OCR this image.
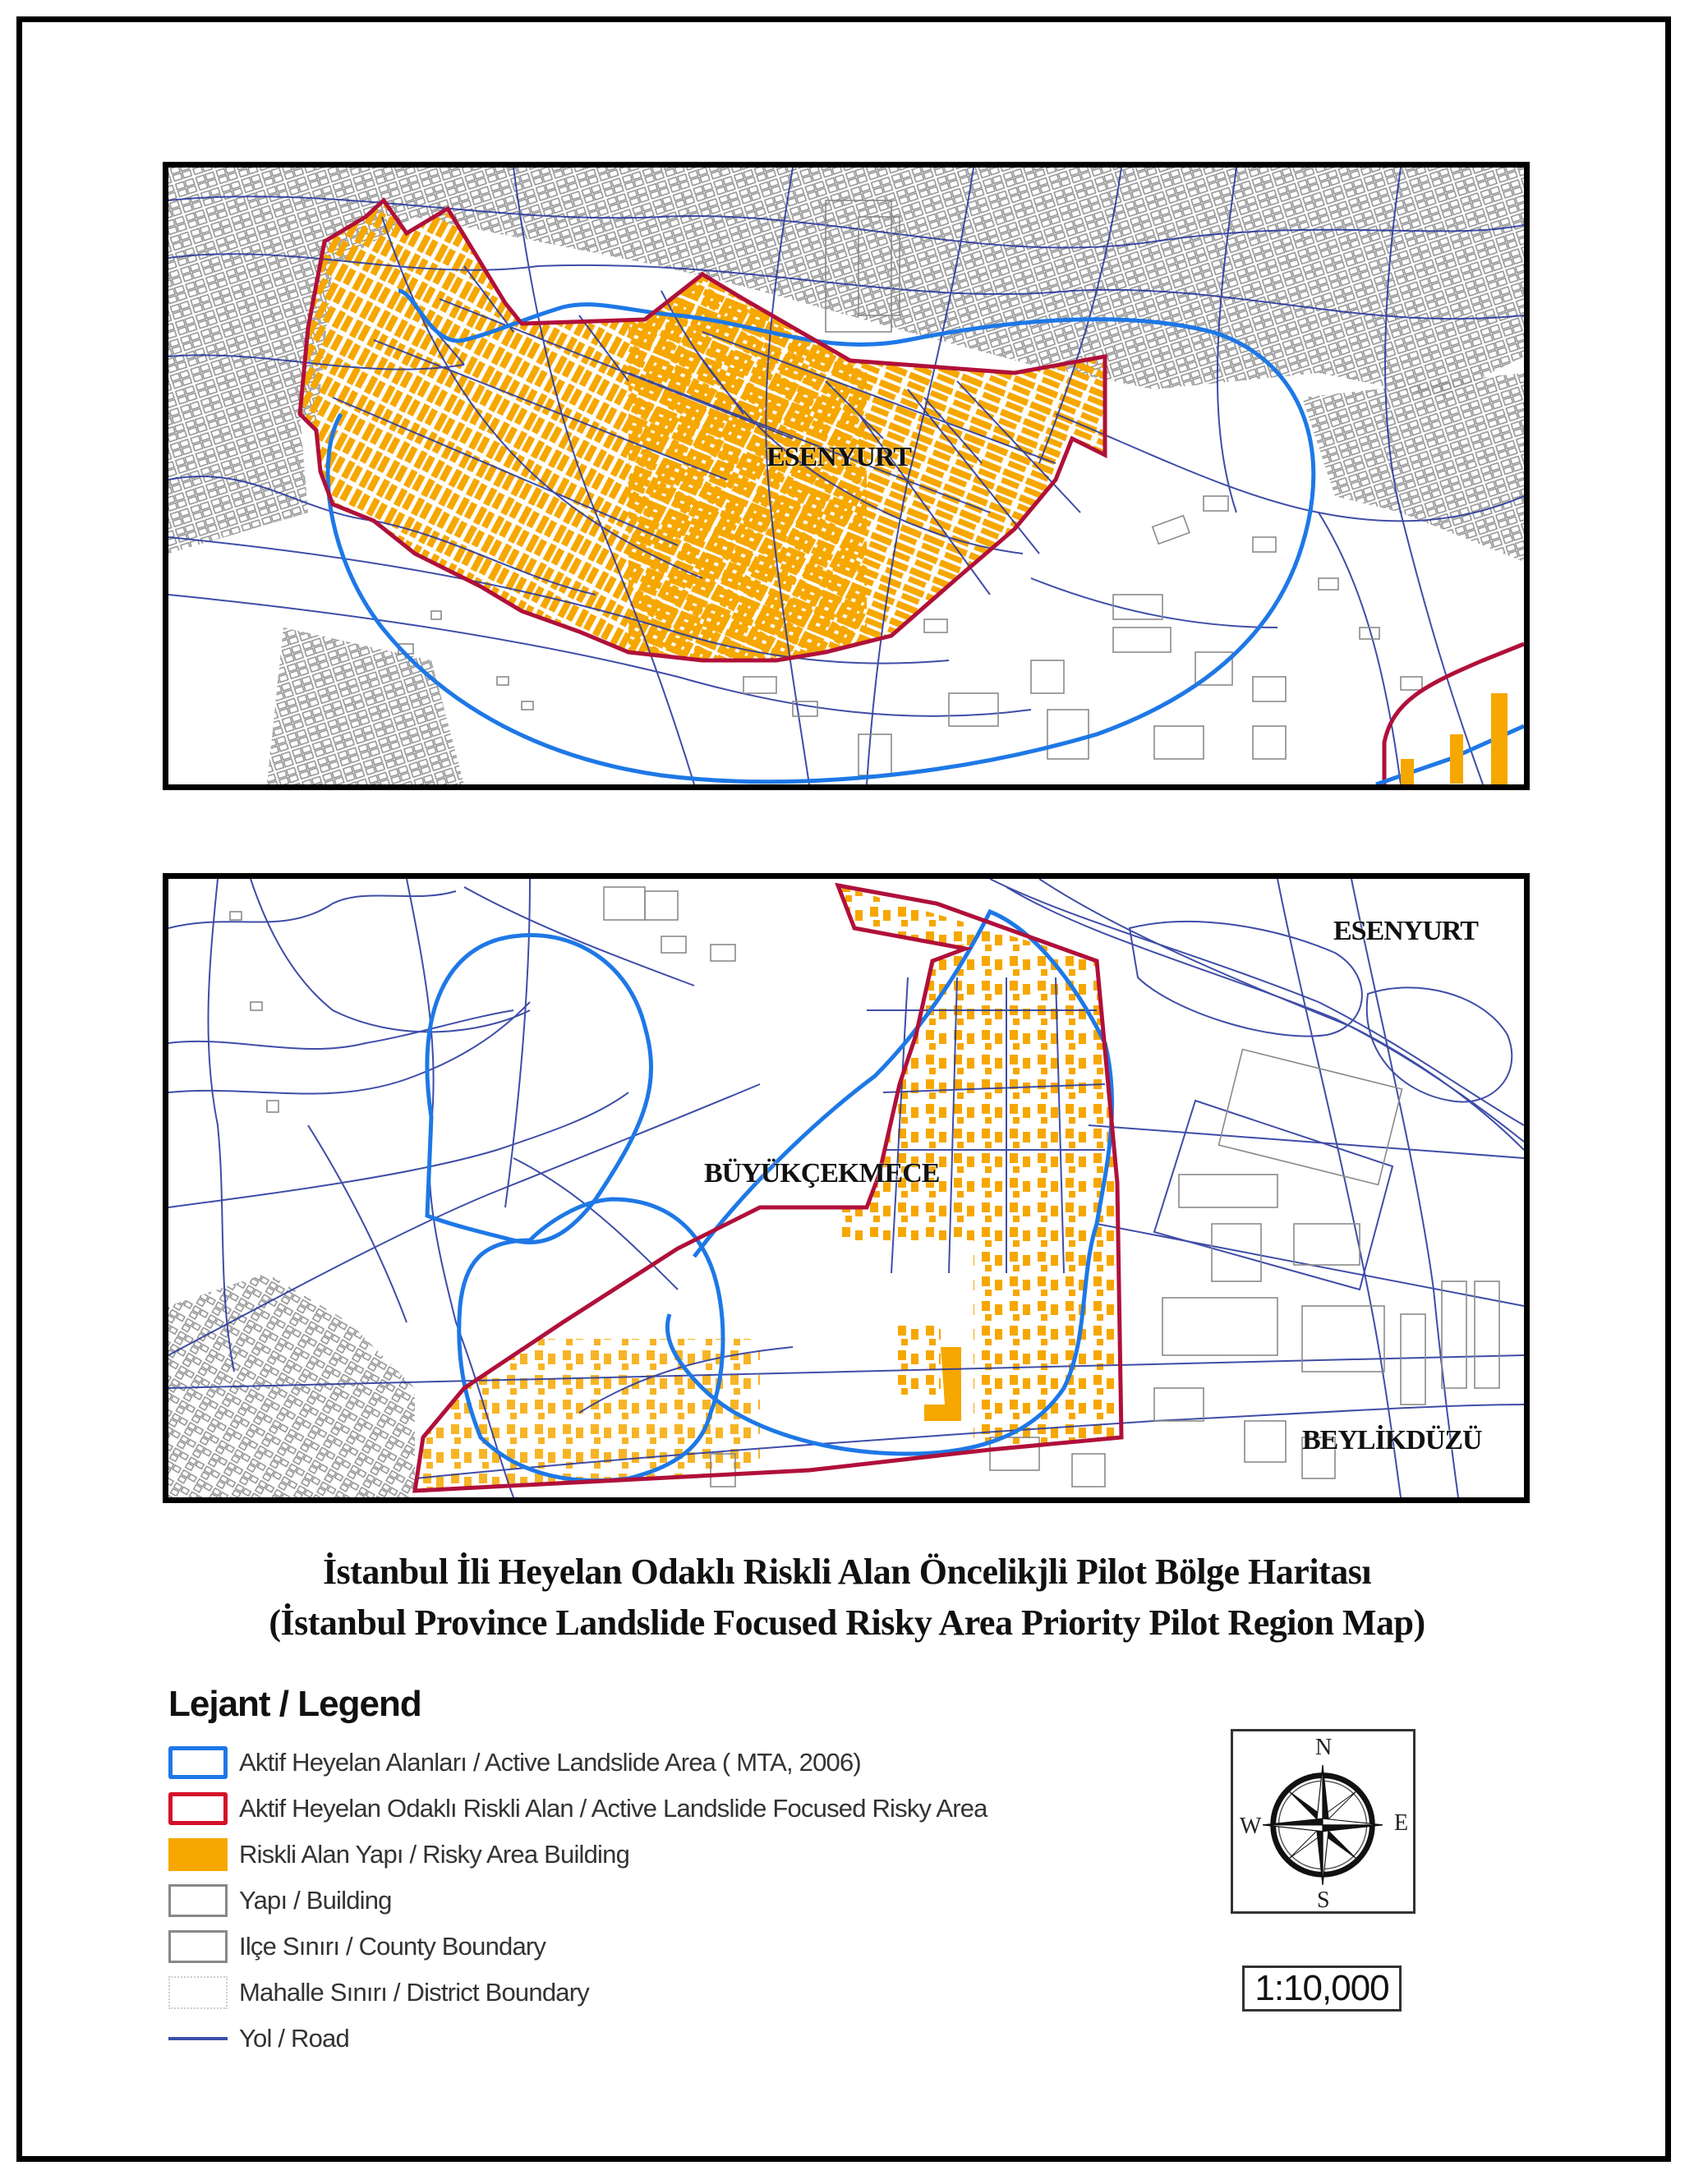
ESENYURT
BÜYÜKÇEKMECE
ESENYURT
BEYLİKDÜZÜ
İstanbul İli Heyelan Odaklı Riskli Alan Öncelikjli Pilot Bölge Haritası
(İstanbul Province Landslide Focused Risky Area Priority Pilot Region Map)
Lejant / Legend
Aktif Heyelan Alanları / Active Landslide Area ( MTA, 2006)
Aktif Heyelan Odaklı Riskli Alan / Active Landslide Focused Risky Area
Riskli Alan Yapı / Risky Area Building
Yapı / Building
Ilçe Sınırı / County Boundary
Mahalle Sınırı / District Boundary
Yol / Road
N
S
W	E
1:10,000
